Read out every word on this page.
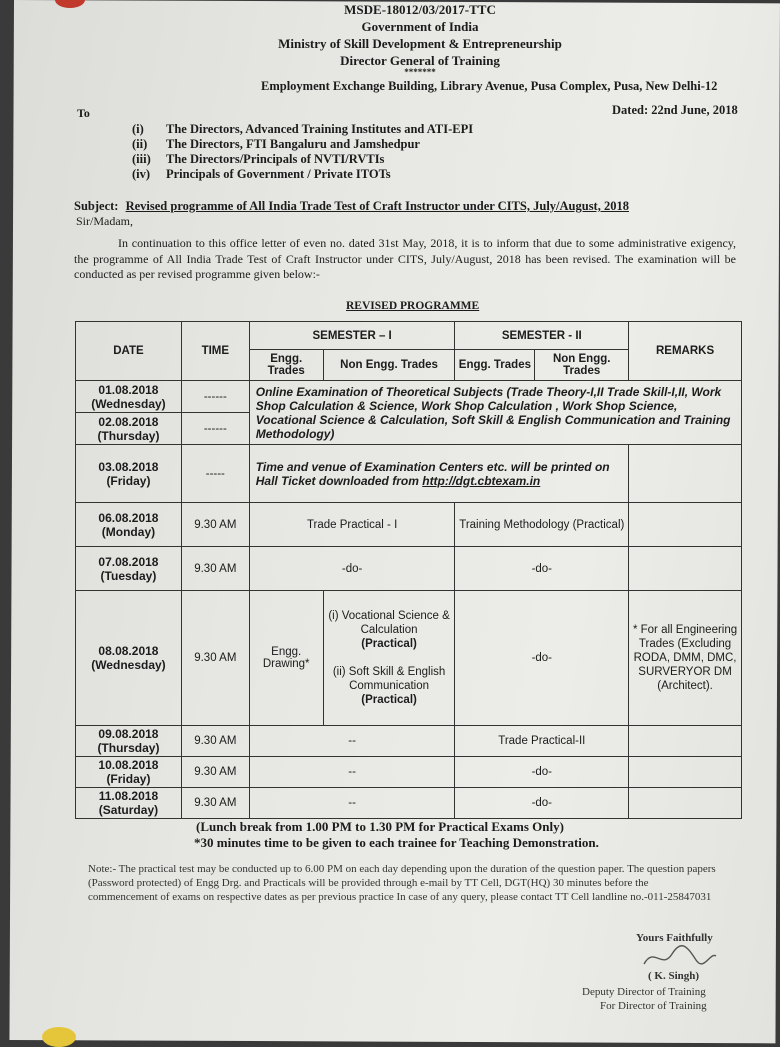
MSDE-18012/03/2017-TTC
Government of India
Ministry of Skill Development & Entrepreneurship
Director General of Training
*******
Employment Exchange Building, Library Avenue, Pusa Complex, Pusa, New Delhi-12
To	Dated: 22nd June, 2018
(i) The Directors, Advanced Training Institutes and ATI-EPI
(ii) The Directors, FTI Bangaluru and Jamshedpur
(iii) The Directors/Principals of NVTI/RVTIs
(iv) Principals of Government / Private ITOTs
Subject: Revised programme of All India Trade Test of Craft Instructor under CITS, July/August, 2018
Sir/Madam,
In continuation to this office letter of even no. dated 31st May, 2018, it is to inform that due to some administrative exigency, the programme of All India Trade Test of Craft Instructor under CITS, July/August, 2018 has been revised. The examination will be conducted as per revised programme given below:-
REVISED PROGRAMME
DATE	TIME	SEMESTER – I		SEMESTER - II		REMARKS
		Engg. Trades	Non Engg. Trades	Engg. Trades	Non Engg. Trades	
01.08.2018
(Wednesday)	------	Online Examination of Theoretical Subjects (Trade Theory-I,II Trade Skill-I,II, Work Shop Calculation & Science, Work Shop Calculation , Work Shop Science, Vocational Science & Calculation, Soft Skill & English Communication and Training Methodology)				
02.08.2018
(Thursday)	------					
03.08.2018
(Friday)	-----	Time and venue of Examination Centers etc. will be printed on Hall Ticket downloaded from http://dgt.cbtexam.in				
06.08.2018
(Monday)	9.30 AM	Trade Practical - I		Training Methodology (Practical)		
07.08.2018
(Tuesday)	9.30 AM	-do-		-do-		
08.08.2018
(Wednesday)	9.30 AM	Engg. Drawing*	(i) Vocational Science & Calculation
(Practical)

(ii) Soft Skill & English Communication
(Practical)	-do-		* For all Engineering Trades (Excluding RODA, DMM, DMC, SURVERYOR DM (Architect).
09.08.2018
(Thursday)	9.30 AM	--		Trade Practical-II		
10.08.2018
(Friday)	9.30 AM	--		-do-		
11.08.2018
(Saturday)	9.30 AM	--		-do-		
(Lunch break from 1.00 PM to 1.30 PM for Practical Exams Only)
*30 minutes time to be given to each trainee for Teaching Demonstration.
Note:- The practical test may be conducted up to 6.00 PM on each day depending upon the duration of the question paper. The question papers (Password protected) of Engg Drg. and Practicals will be provided through e-mail by TT Cell, DGT(HQ) 30 minutes before the commencement of exams on respective dates as per previous practice In case of any query, please contact TT Cell landline no.-011-25847031
Yours Faithfully
( K. Singh)
Deputy Director of Training
For Director of Training
